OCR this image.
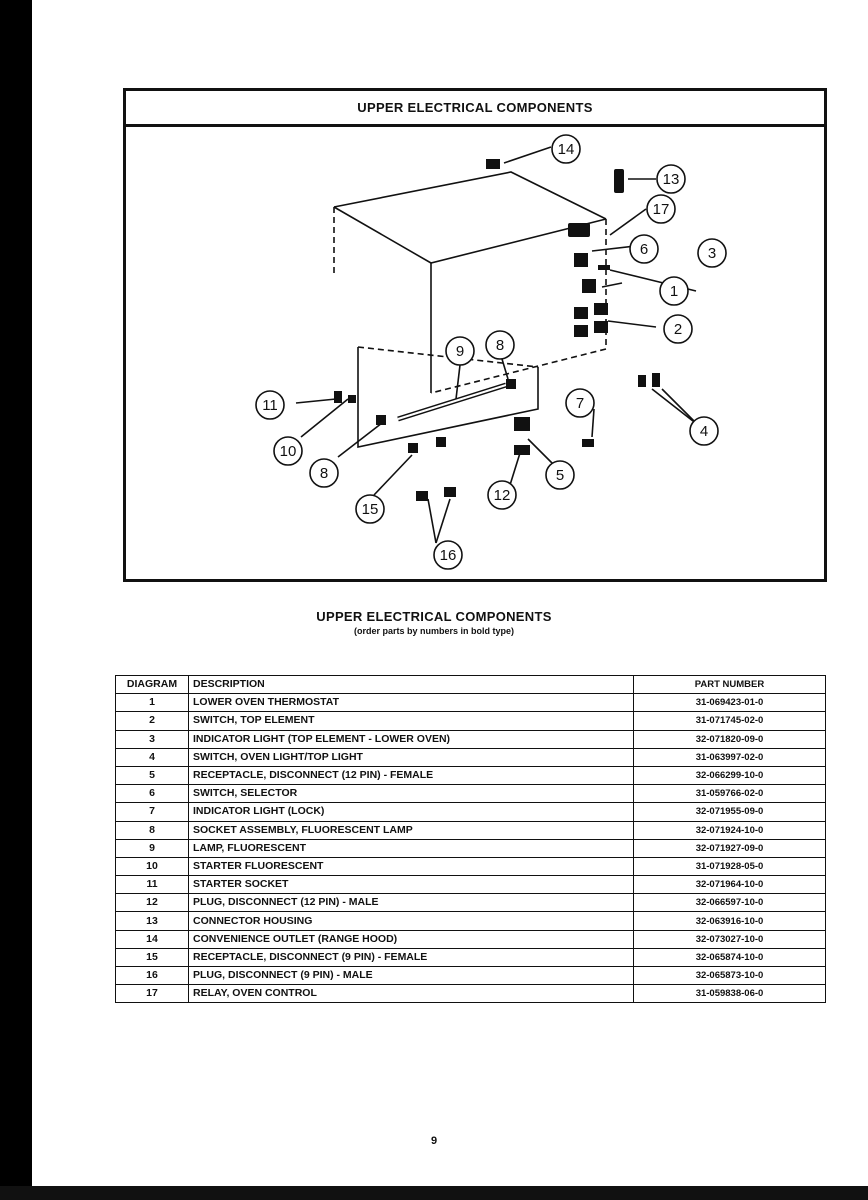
UPPER ELECTRICAL COMPONENTS
14
13
17
6	3
1
2
4
7
5
12
9 8
11
10
8
15
16
UPPER ELECTRICAL COMPONENTS
(order parts by numbers in bold type)
DIAGRAM	DESCRIPTION	PART NUMBER
1	LOWER OVEN THERMOSTAT	31-069423-01-0
2	SWITCH, TOP ELEMENT	31-071745-02-0
3	INDICATOR LIGHT (TOP ELEMENT - LOWER OVEN)	32-071820-09-0
4	SWITCH, OVEN LIGHT/TOP LIGHT	31-063997-02-0
5	RECEPTACLE, DISCONNECT (12 PIN) - FEMALE	32-066299-10-0
6	SWITCH, SELECTOR	31-059766-02-0
7	INDICATOR LIGHT (LOCK)	32-071955-09-0
8	SOCKET ASSEMBLY, FLUORESCENT LAMP	32-071924-10-0
9	LAMP, FLUORESCENT	32-071927-09-0
10	STARTER FLUORESCENT	31-071928-05-0
11	STARTER SOCKET	32-071964-10-0
12	PLUG, DISCONNECT (12 PIN) - MALE	32-066597-10-0
13	CONNECTOR HOUSING	32-063916-10-0
14	CONVENIENCE OUTLET (RANGE HOOD)	32-073027-10-0
15	RECEPTACLE, DISCONNECT (9 PIN) - FEMALE	32-065874-10-0
16	PLUG, DISCONNECT (9 PIN) - MALE	32-065873-10-0
17	RELAY, OVEN CONTROL	31-059838-06-0
9
